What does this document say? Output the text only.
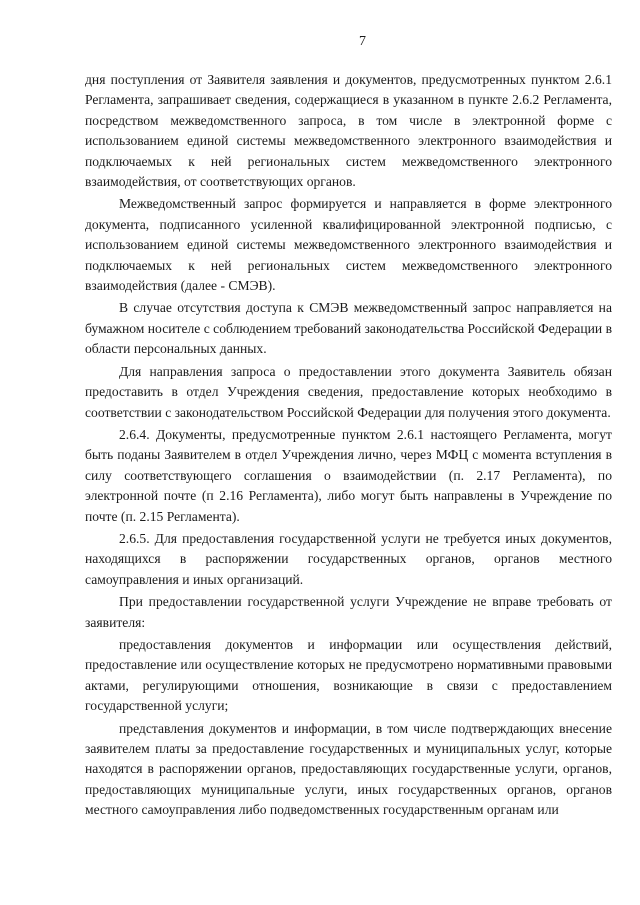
7

дня поступления от Заявителя заявления и документов, предусмотренных пунктом 2.6.1 Регламента, запрашивает сведения, содержащиеся в указанном в пункте 2.6.2 Регламента, посредством межведомственного запроса, в том числе в электронной форме с использованием единой системы межведомственного электронного взаимодействия и подключаемых к ней региональных систем межведомственного электронного взаимодействия, от соответствующих органов.

Межведомственный запрос формируется и направляется в форме электронного документа, подписанного усиленной квалифицированной электронной подписью, с использованием единой системы межведомственного электронного взаимодействия и подключаемых к ней региональных систем межведомственного электронного взаимодействия (далее - СМЭВ).

В случае отсутствия доступа к СМЭВ межведомственный запрос направляется на бумажном носителе с соблюдением требований законодательства Российской Федерации в области персональных данных.

Для направления запроса о предоставлении этого документа Заявитель обязан предоставить в отдел Учреждения сведения, предоставление которых необходимо в соответствии с законодательством Российской Федерации для получения этого документа.

2.6.4. Документы, предусмотренные пунктом 2.6.1 настоящего Регламента, могут быть поданы Заявителем в отдел Учреждения лично, через МФЦ с момента вступления в силу соответствующего соглашения о взаимодействии (п. 2.17 Регламента), по электронной почте (п 2.16 Регламента), либо могут быть направлены в Учреждение по почте (п. 2.15 Регламента).

2.6.5. Для предоставления государственной услуги не требуется иных документов, находящихся в распоряжении государственных органов, органов местного самоуправления и иных организаций.

При предоставлении государственной услуги Учреждение не вправе требовать от заявителя:

предоставления документов и информации или осуществления действий, предоставление или осуществление которых не предусмотрено нормативными правовыми актами, регулирующими отношения, возникающие в связи с предоставлением государственной услуги;

представления документов и информации, в том числе подтверждающих внесение заявителем платы за предоставление государственных и муниципальных услуг, которые находятся в распоряжении органов, предоставляющих государственные услуги, органов, предоставляющих муниципальные услуги, иных государственных органов, органов местного самоуправления либо подведомственных государственным органам или
